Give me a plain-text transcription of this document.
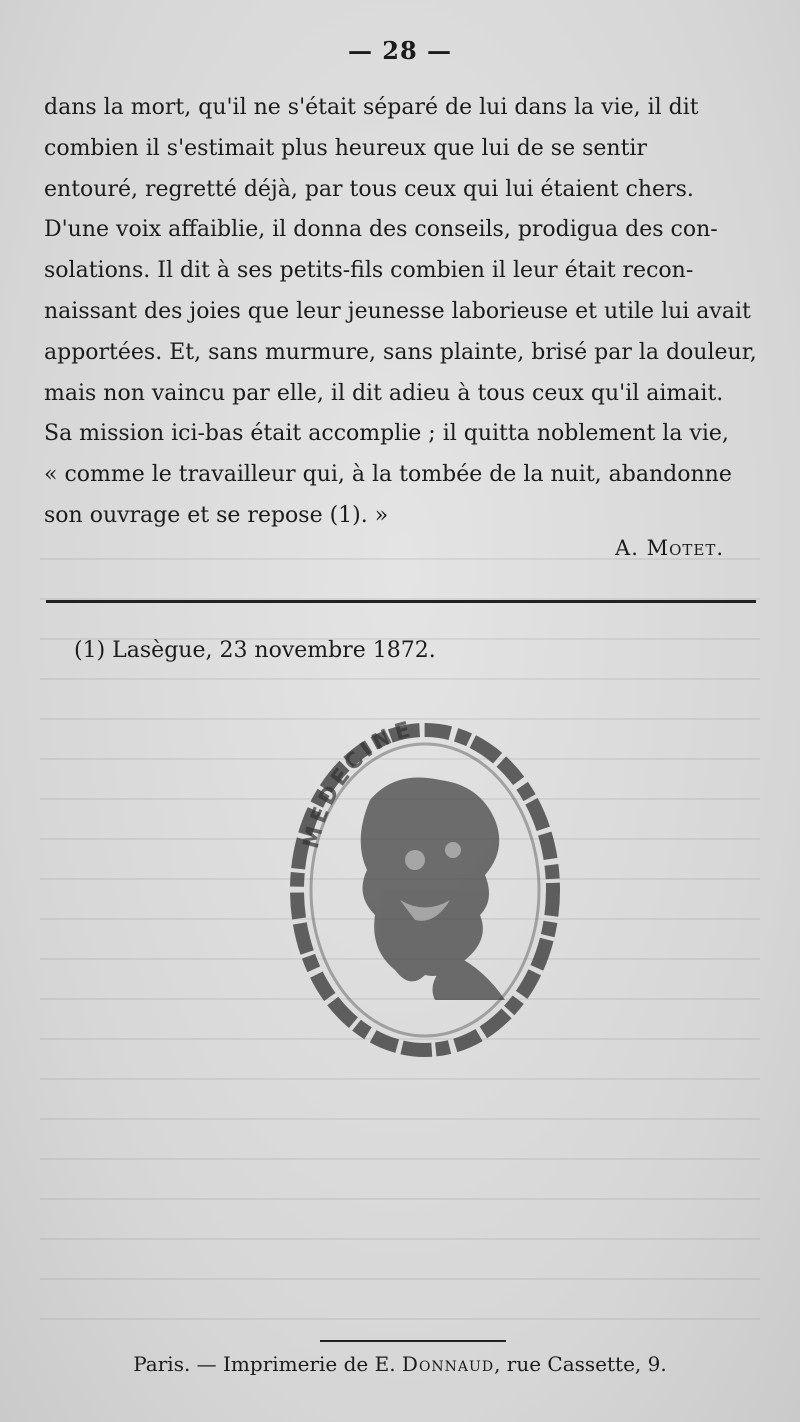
— 28 —
dans la mort, qu'il ne s'était séparé de lui dans la vie, il dit
combien il s'estimait plus heureux que lui de se sentir
entouré, regretté déjà, par tous ceux qui lui étaient chers.
D'une voix affaiblie, il donna des conseils, prodigua des con-
solations. Il dit à ses petits-fils combien il leur était recon-
naissant des joies que leur jeunesse laborieuse et utile lui avait
apportées. Et, sans murmure, sans plainte, brisé par la douleur,
mais non vaincu par elle, il dit adieu à tous ceux qu'il aimait.
Sa mission ici-bas était accomplie ; il quitta noblement la vie,
« comme le travailleur qui, à la tombée de la nuit, abandonne
son ouvrage et se repose (1). »
A. Motet.
(1) Lasègue, 23 novembre 1872.
MEDECINE
Paris. — Imprimerie de E. Donnaud, rue Cassette, 9.
